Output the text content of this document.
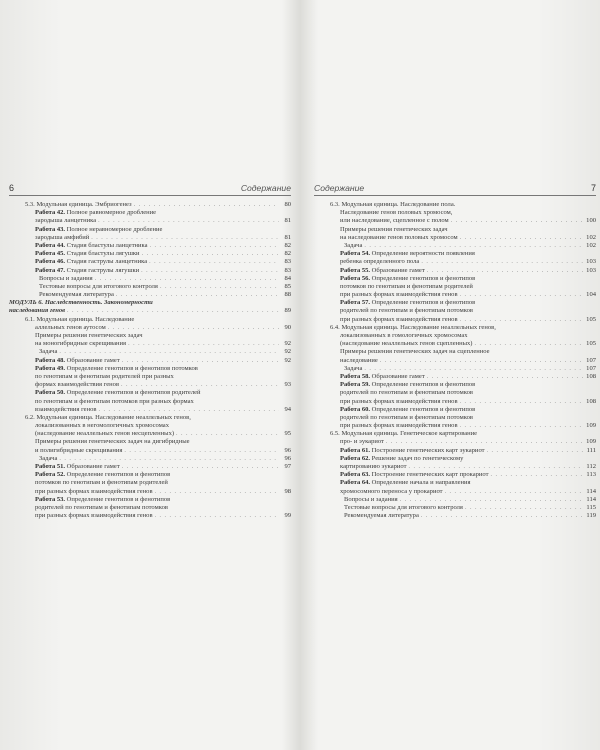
6	Содержание
5.3. Модульная единица. Эмбриогенез . . .	80
Работа 42. Полное равномерное дробление
зародыша ланцетника . . .	81
Работа 43. Полное неравномерное дробление
зародыша амфибий . . .	81
Работа 44. Стадия бластулы ланцетника . . .	82
Работа 45. Стадия бластулы лягушки . . .	82
Работа 46. Стадия гаструлы ланцетника . . .	83
Работа 47. Стадия гаструлы лягушки . . .	83
Вопросы и задания . . .	84
Тестовые вопросы для итогового контроля . . .	85
Рекомендуемая литература . . .	88
МОДУЛЬ 6. Наследственность. Закономерности
наследования генов . . .	89
6.1. Модульная единица. Наследование
аллельных генов аутосом . . .	90
Примеры решения генетических задач
на моногибридные скрещивания . . .	92
Задача . . .	92
Работа 48. Образование гамет . . .	92
Работа 49. Определение генотипов и фенотипов потомков
по генотипам и фенотипам родителей при разных
формах взаимодействия генов . . .	93
Работа 50. Определение генотипов и фенотипов родителей
по генотипам и фенотипам потомков при разных формах
взаимодействия генов . . .	94
6.2. Модульная единица. Наследование неаллельных генов,
локализованных в негомологичных хромосомах
(наследование неаллельных генов несцепленных) . . .	95
Примеры решения генетических задач на дигибридные
и полигибридные скрещивания . . .	96
Задача . . .	96
Работа 51. Образование гамет . . .	97
Работа 52. Определение генотипов и фенотипов
потомков по генотипам и фенотипам родителей
при разных формах взаимодействия генов . . .	98
Работа 53. Определение генотипов и фенотипов
родителей по генотипам и фенотипам потомков
при разных формах взаимодействия генов . . .	99
Содержание	7
6.3. Модульная единица. Наследование пола.
Наследование генов половых хромосом,
или наследование, сцепленное с полом . . .	100
Примеры решения генетических задач
на наследование генов половых хромосом . . .	102
Задача . . .	102
Работа 54. Определение вероятности появления
ребенка определенного пола . . .	103
Работа 55. Образование гамет . . .	103
Работа 56. Определение генотипов и фенотипов
потомков по генотипам и фенотипам родителей
при разных формах взаимодействия генов . . .	104
Работа 57. Определение генотипов и фенотипов
родителей по генотипам и фенотипам потомков
при разных формах взаимодействия генов . . .	105
6.4. Модульная единица. Наследование неаллельных генов,
локализованных в гомологичных хромосомах
(наследование неаллельных генов сцепленных) . . .	105
Примеры решения генетических задач на сцепленное
наследование . . .	107
Задача . . .	107
Работа 58. Образование гамет . . .	108
Работа 59. Определение генотипов и фенотипов
родителей по генотипам и фенотипам потомков
при разных формах взаимодействия генов . . .	108
Работа 60. Определение генотипов и фенотипов
родителей по генотипам и фенотипам потомков
при разных формах взаимодействия генов . . .	109
6.5. Модульная единица. Генетическое картирование
про- и эукариот . . .	109
Работа 61. Построение генетических карт эукариот . . .	111
Работа 62. Решение задач по генетическому
картированию эукариот . . .	112
Работа 63. Построение генетических карт прокариот . . .	113
Работа 64. Определение начала и направления
хромосомного переноса у прокариот . . .	114
Вопросы и задания . . .	114
Тестовые вопросы для итогового контроля . . .	115
Рекомендуемая литература . . .	119
